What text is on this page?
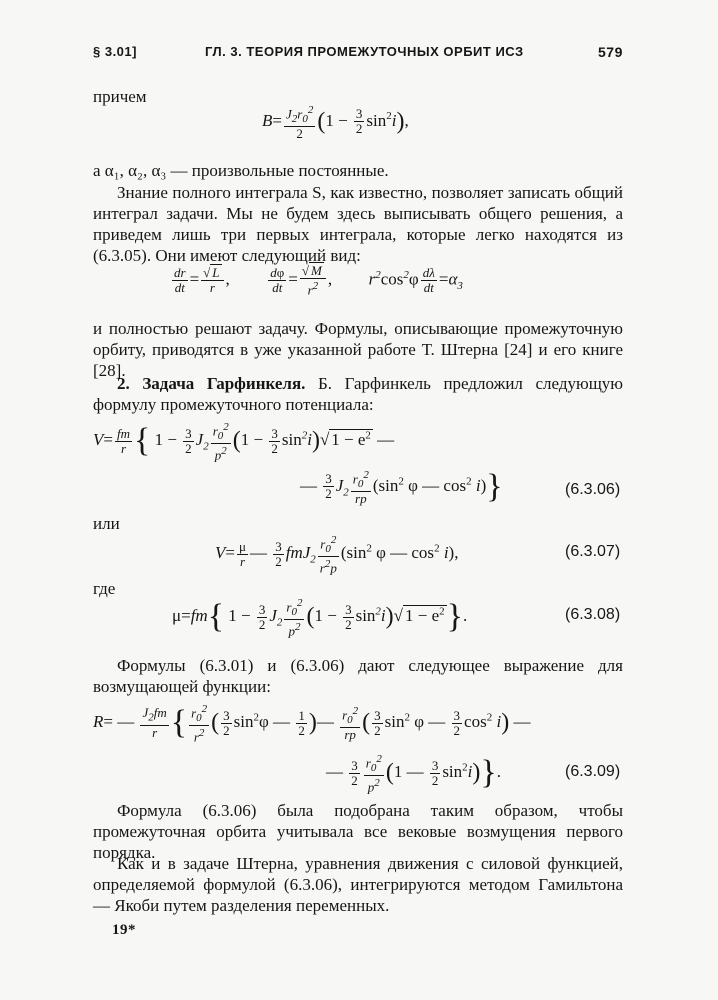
§ 3.01]	ГЛ. 3. ТЕОРИЯ ПРОМЕЖУТОЧНЫХ ОРБИТ ИСЗ	579
причем
$B= \frac{J_2r_0^2}{2} (1 - \frac{3}{2} \sin^2i)$,
а α₁, α₂, α₃ — произвольные постоянные.
Знание полного интеграла S, как известно, позволяет записать общий интеграл задачи. Мы не будем здесь выписывать общего решения, а приведем лишь три первых интеграла, которые легко находятся из (6.3.05). Они имеют следующий вид:
$\frac{dr}{dt} = \frac{√ L}{r}$ ,	$\frac{d\varphi}{dt} = \frac{√ M}{r^2}$ ,  $r^2\cos^2\varphi \frac{d\lambda}{dt} =\alpha_3$
и полностью решают задачу. Формулы, описывающие промежуточную орбиту, приводятся в уже указанной работе Т. Штерна [24] и его книге [28].
2. Задача Гарфинкеля. Б. Гарфинкель предложил следующую формулу промежуточного потенциала:
$V= \frac{fm}{r}$ { $1 - \frac{3}{2} J_2 \frac{r_0^2}{p^2} (1 - \frac{3}{2} \sin^2i)√$ $1 - e^2$ —
— $\frac{3}{2} J_2 \frac{r_0^2}{rp} (\sin^2$ φ — $\cos^2 i$)}	(6.3.06)
или
$V= \frac{\mu}{r}$ — $\frac{3}{2} fmJ_2 \frac{r_0^2}{r^2p} (\sin^2$ φ — $\cos^2 i$),	(6.3.07)
где
μ=fm{ $1 - \frac{3}{2} J_2 \frac{r_0^2}{p^2} (1 - \frac{3}{2} \sin^2i)√$ $1 - e^2$}.	(6.3.08)
Формулы (6.3.01) и (6.3.06) дают следующее выражение для возмущающей функции:
R= — $\frac{J_2fm}{r}$ { $\frac{r_0^2}{r^2}$ ( $\frac{3}{2} \sin^2\varphi$ — $\frac{1}{2}$ )— $\frac{r_0^2}{rp}$ ( $\frac{3}{2} \sin^2 \varphi$ — $\frac{3}{2} \cos^2 i$) —
— $\frac{3}{2} \frac{r_0^2}{p^2} (1$ — $\frac{3}{2} \sin^2i$)}.	(6.3.09)
Формула (6.3.06) была подобрана таким образом, чтобы промежуточная орбита учитывала все вековые возмущения первого порядка.
Как и в задаче Штерна, уравнения движения с силовой функцией, определяемой формулой (6.3.06), интегрируются методом Гамильтона — Якоби путем разделения переменных.
19*
